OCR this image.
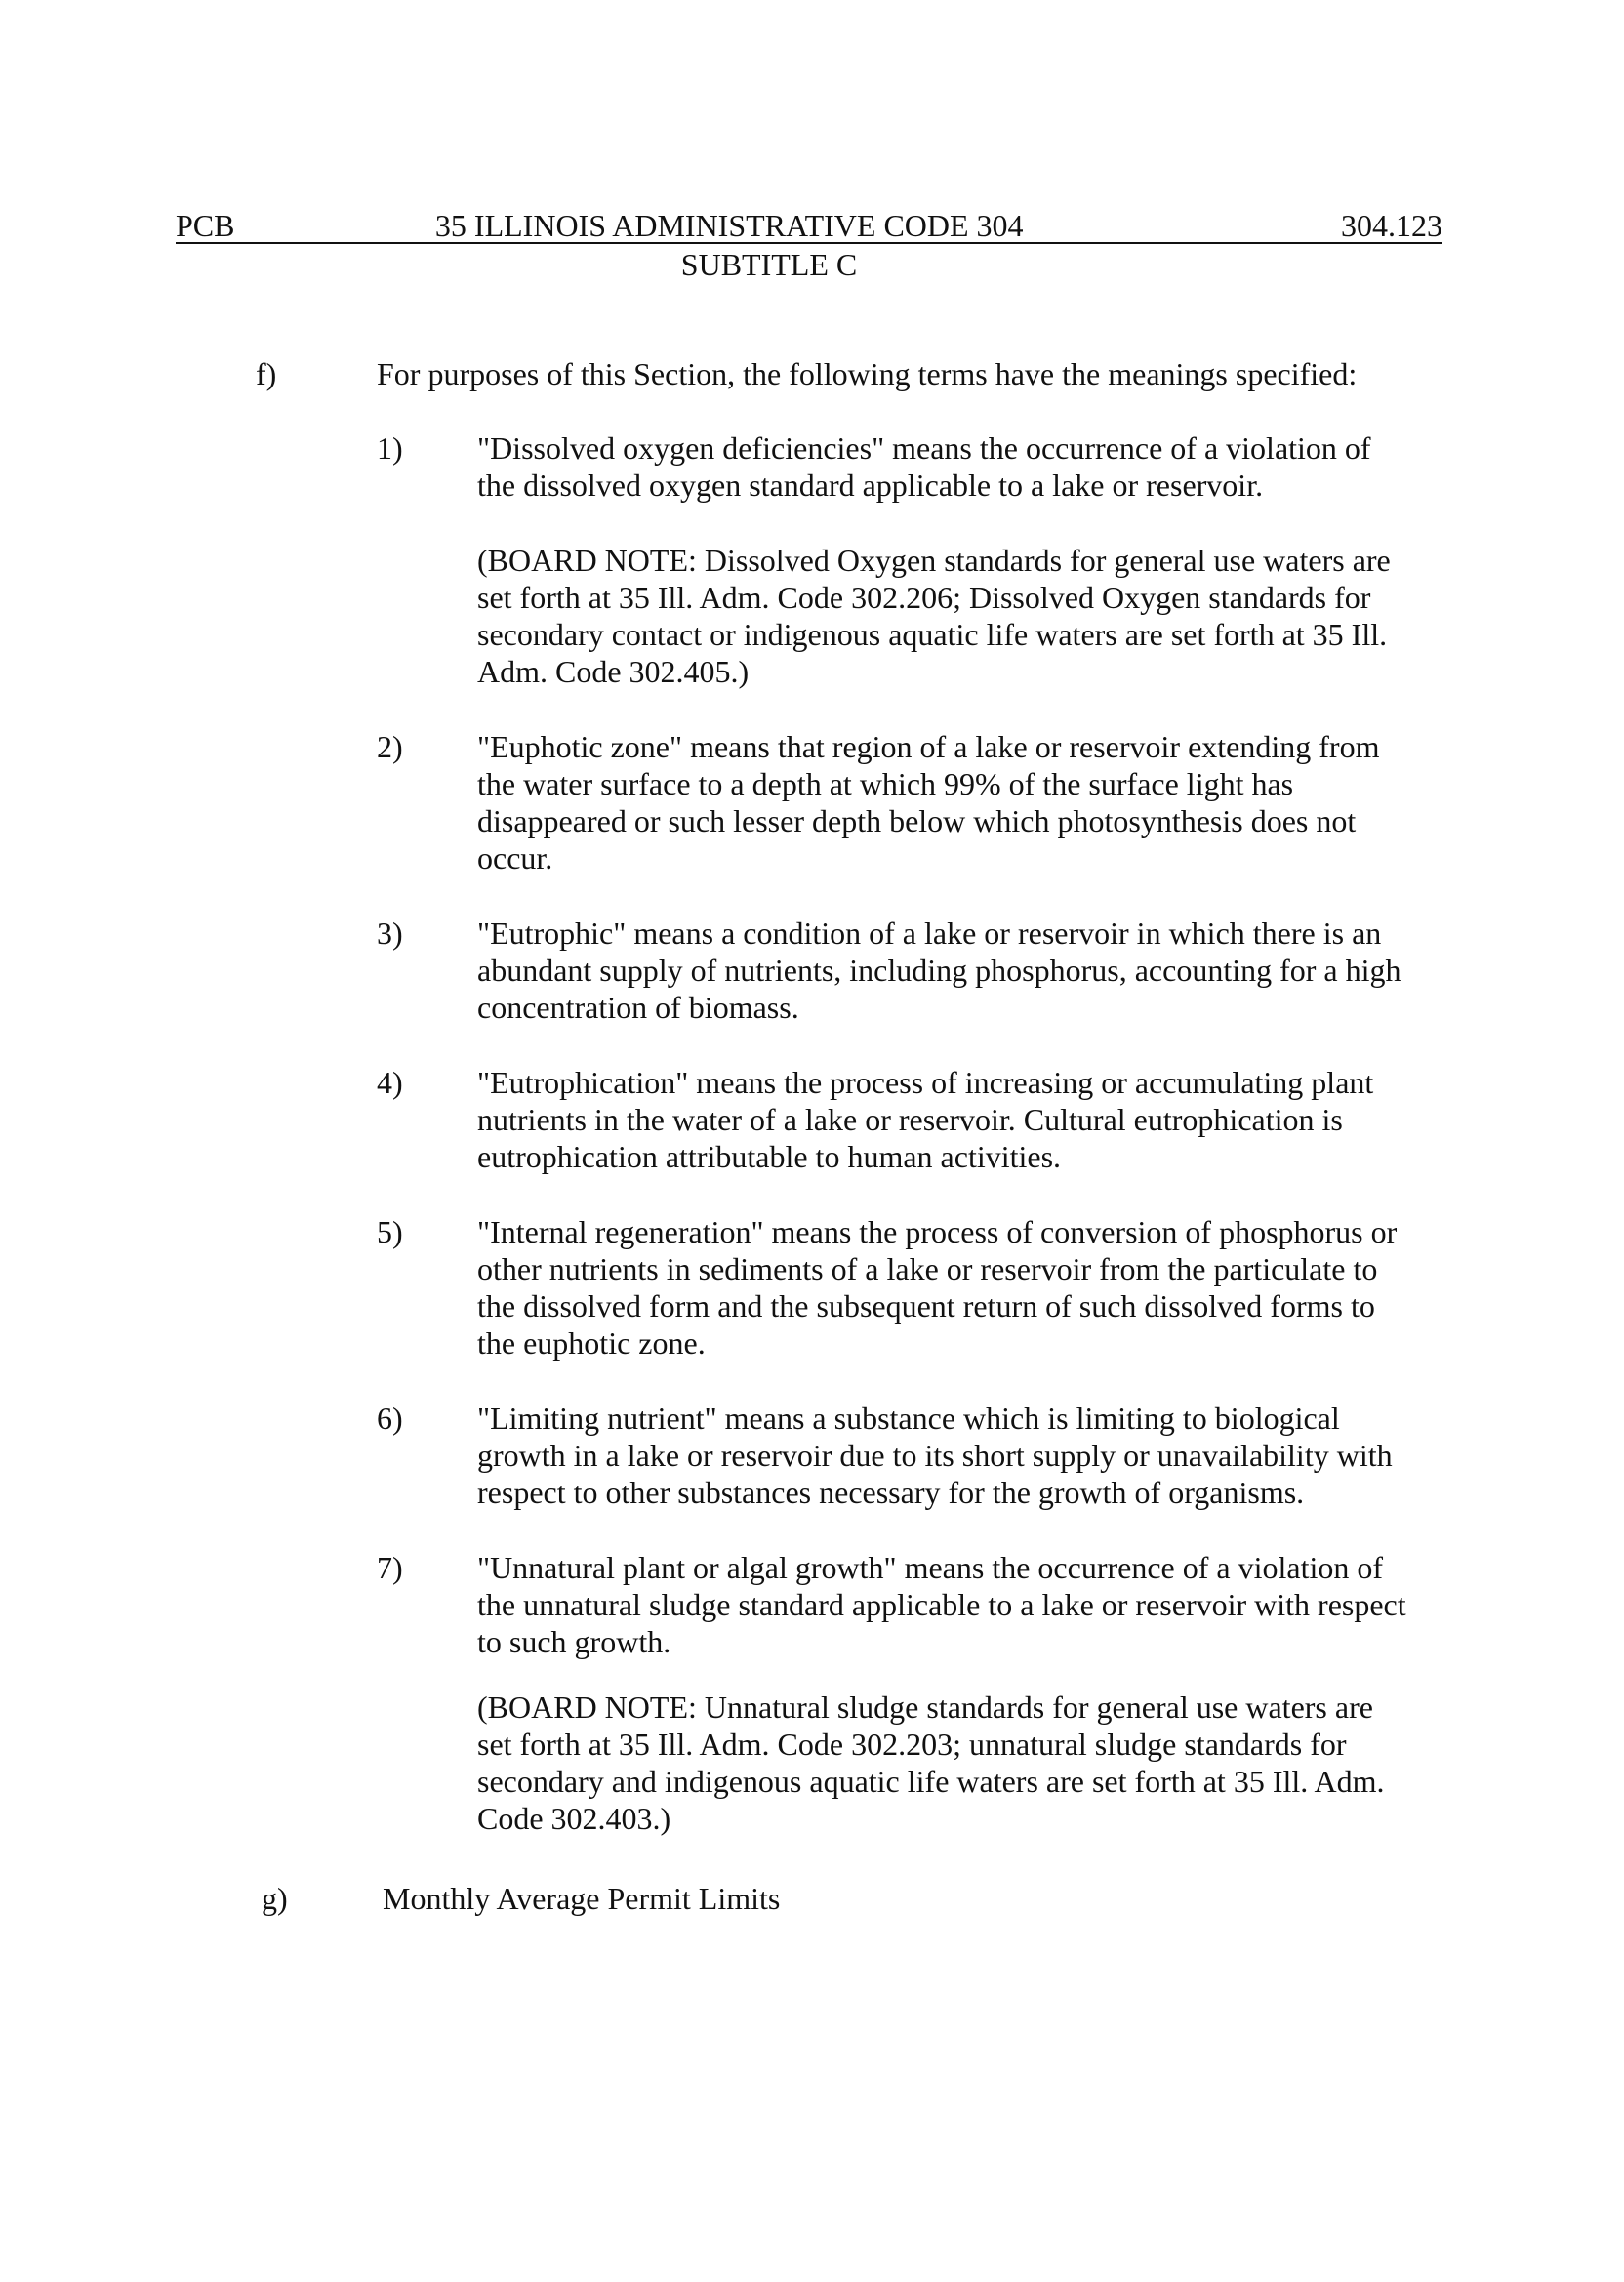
PCB	35 ILLINOIS ADMINISTRATIVE CODE 304	304.123
SUBTITLE C
f)	For purposes of this Section, the following terms have the meanings specified:
1) "Dissolved oxygen deficiencies" means the occurrence of a violation of
the dissolved oxygen standard applicable to a lake or reservoir.
(BOARD NOTE: Dissolved Oxygen standards for general use waters are
set forth at 35 Ill. Adm. Code 302.206; Dissolved Oxygen standards for
secondary contact or indigenous aquatic life waters are set forth at 35 Ill.
Adm. Code 302.405.)
2) "Euphotic zone" means that region of a lake or reservoir extending from
the water surface to a depth at which 99% of the surface light has
disappeared or such lesser depth below which photosynthesis does not
occur.
3) "Eutrophic" means a condition of a lake or reservoir in which there is an
abundant supply of nutrients, including phosphorus, accounting for a high
concentration of biomass.
4) "Eutrophication" means the process of increasing or accumulating plant
nutrients in the water of a lake or reservoir. Cultural eutrophication is
eutrophication attributable to human activities.
5) "Internal regeneration" means the process of conversion of phosphorus or
other nutrients in sediments of a lake or reservoir from the particulate to
the dissolved form and the subsequent return of such dissolved forms to
the euphotic zone.
6) "Limiting nutrient" means a substance which is limiting to biological
growth in a lake or reservoir due to its short supply or unavailability with
respect to other substances necessary for the growth of organisms.
7) "Unnatural plant or algal growth" means the occurrence of a violation of
the unnatural sludge standard applicable to a lake or reservoir with respect
to such growth.
(BOARD NOTE: Unnatural sludge standards for general use waters are
set forth at 35 Ill. Adm. Code 302.203; unnatural sludge standards for
secondary and indigenous aquatic life waters are set forth at 35 Ill. Adm.
Code 302.403.)
g)	Monthly Average Permit Limits
